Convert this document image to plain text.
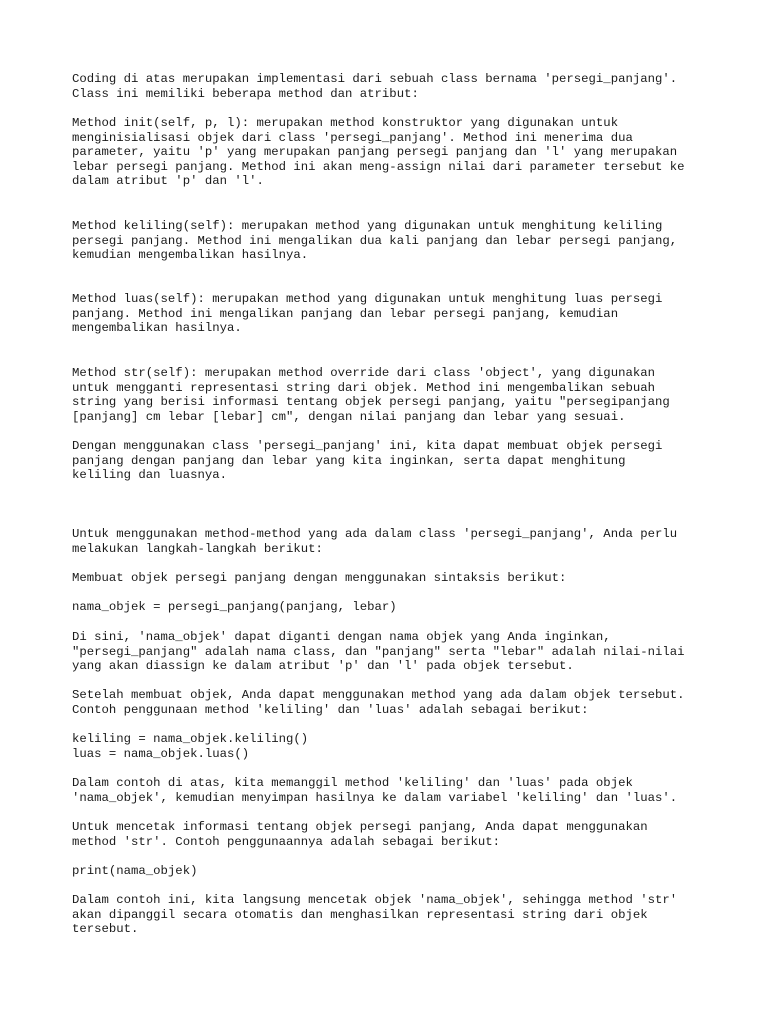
Coding di atas merupakan implementasi dari sebuah class bernama 'persegi_panjang'.
Class ini memiliki beberapa method dan atribut:

Method init(self, p, l): merupakan method konstruktor yang digunakan untuk
menginisialisasi objek dari class 'persegi_panjang'. Method ini menerima dua
parameter, yaitu 'p' yang merupakan panjang persegi panjang dan 'l' yang merupakan
lebar persegi panjang. Method ini akan meng-assign nilai dari parameter tersebut ke
dalam atribut 'p' dan 'l'.

Method keliling(self): merupakan method yang digunakan untuk menghitung keliling
persegi panjang. Method ini mengalikan dua kali panjang dan lebar persegi panjang,
kemudian mengembalikan hasilnya.

Method luas(self): merupakan method yang digunakan untuk menghitung luas persegi
panjang. Method ini mengalikan panjang dan lebar persegi panjang, kemudian
mengembalikan hasilnya.

Method str(self): merupakan method override dari class 'object', yang digunakan
untuk mengganti representasi string dari objek. Method ini mengembalikan sebuah
string yang berisi informasi tentang objek persegi panjang, yaitu "persegipanjang
[panjang] cm lebar [lebar] cm", dengan nilai panjang dan lebar yang sesuai.

Dengan menggunakan class 'persegi_panjang' ini, kita dapat membuat objek persegi
panjang dengan panjang dan lebar yang kita inginkan, serta dapat menghitung
keliling dan luasnya.

Untuk menggunakan method-method yang ada dalam class 'persegi_panjang', Anda perlu
melakukan langkah-langkah berikut:

Membuat objek persegi panjang dengan menggunakan sintaksis berikut:

nama_objek = persegi_panjang(panjang, lebar)

Di sini, 'nama_objek' dapat diganti dengan nama objek yang Anda inginkan,
"persegi_panjang" adalah nama class, dan "panjang" serta "lebar" adalah nilai-nilai
yang akan diassign ke dalam atribut 'p' dan 'l' pada objek tersebut.

Setelah membuat objek, Anda dapat menggunakan method yang ada dalam objek tersebut.
Contoh penggunaan method 'keliling' dan 'luas' adalah sebagai berikut:

keliling = nama_objek.keliling()
luas = nama_objek.luas()

Dalam contoh di atas, kita memanggil method 'keliling' dan 'luas' pada objek
'nama_objek', kemudian menyimpan hasilnya ke dalam variabel 'keliling' dan 'luas'.

Untuk mencetak informasi tentang objek persegi panjang, Anda dapat menggunakan
method 'str'. Contoh penggunaannya adalah sebagai berikut:

print(nama_objek)

Dalam contoh ini, kita langsung mencetak objek 'nama_objek', sehingga method 'str'
akan dipanggil secara otomatis dan menghasilkan representasi string dari objek
tersebut.
